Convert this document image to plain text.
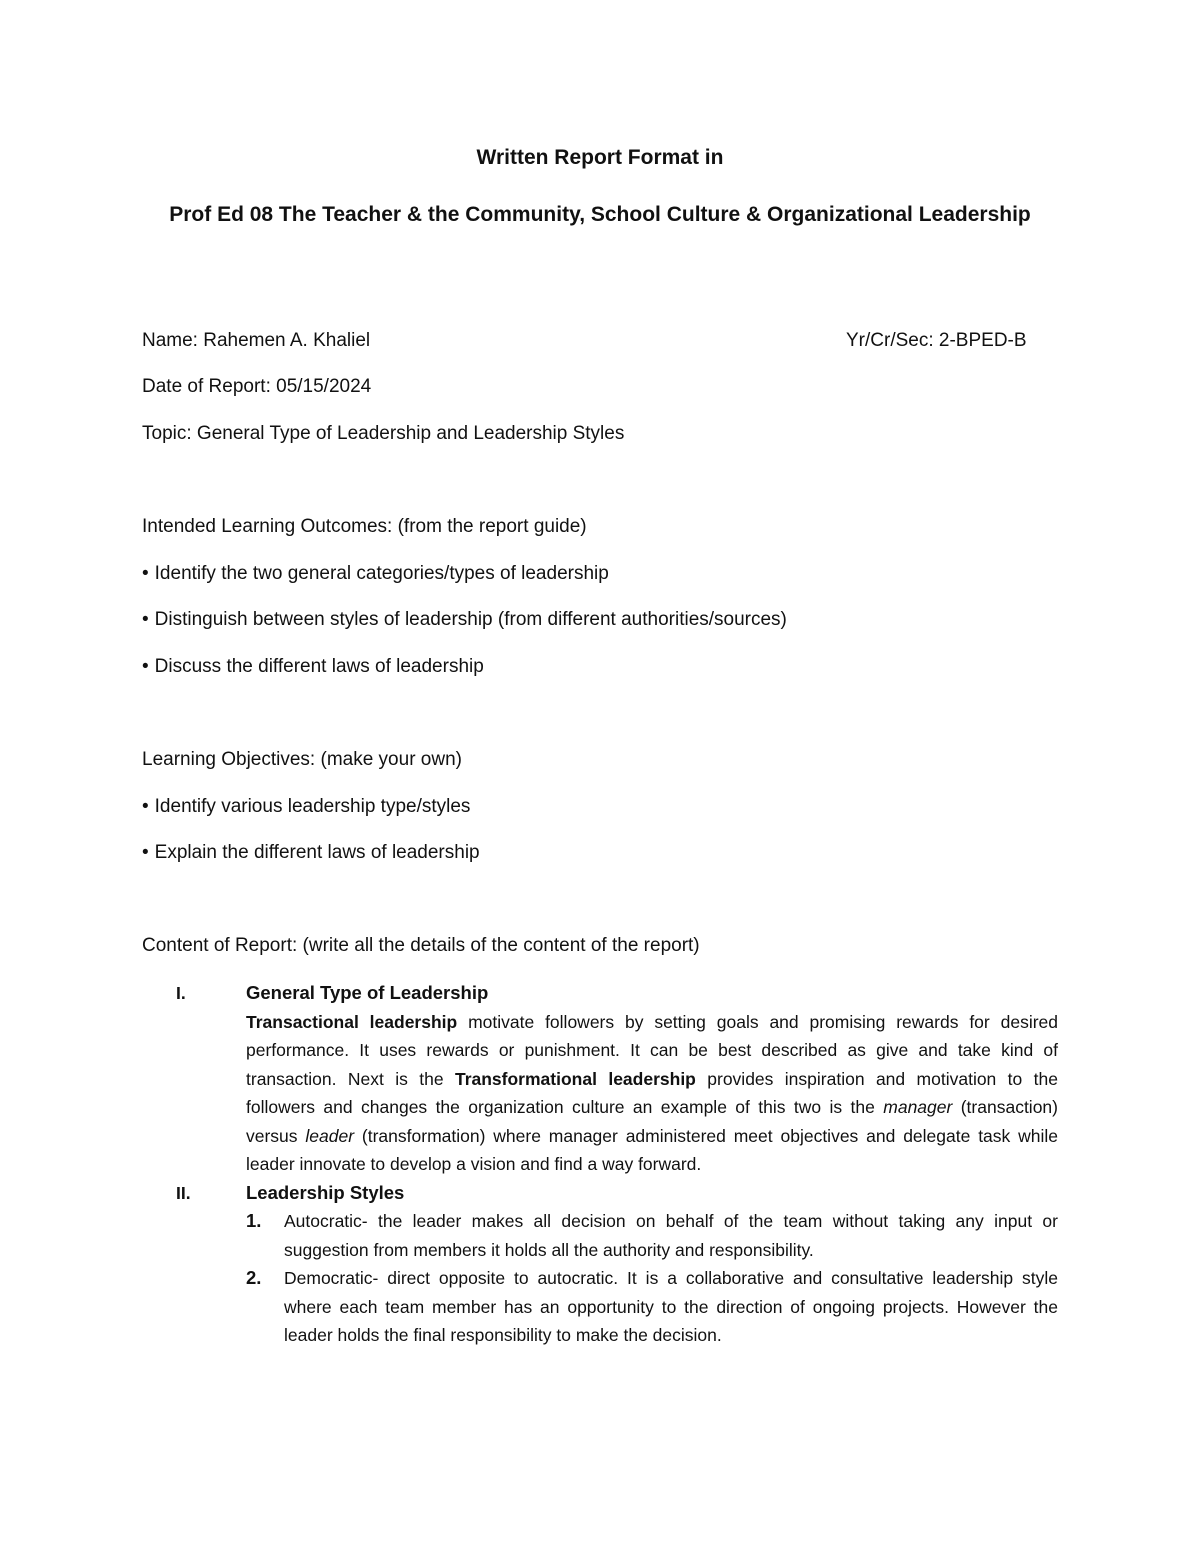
Written Report Format in
Prof Ed 08 The Teacher & the Community, School Culture & Organizational Leadership
Name: Rahemen A. Khaliel	Yr/Cr/Sec: 2-BPED-B
Date of Report: 05/15/2024
Topic: General Type of Leadership and Leadership Styles
Intended Learning Outcomes: (from the report guide)
• Identify the two general categories/types of leadership
• Distinguish between styles of leadership (from different authorities/sources)
• Discuss the different laws of leadership
Learning Objectives: (make your own)
• Identify various leadership type/styles
• Explain the different laws of leadership
Content of Report: (write all the details of the content of the report)
I.	General Type of Leadership

Transactional leadership motivate followers by setting goals and promising rewards for desired performance. It uses rewards or punishment. It can be best described as give and take kind of transaction. Next is the Transformational leadership provides inspiration and motivation to the followers and changes the organization culture an example of this two is the manager (transaction) versus leader (transformation) where manager administered meet objectives and delegate task while leader innovate to develop a vision and find a way forward.

II.	Leadership Styles
1. Autocratic- the leader makes all decision on behalf of the team without taking any input or suggestion from members it holds all the authority and responsibility.
2. Democratic- direct opposite to autocratic. It is a collaborative and consultative leadership style where each team member has an opportunity to the direction of ongoing projects. However the leader holds the final responsibility to make the decision.
